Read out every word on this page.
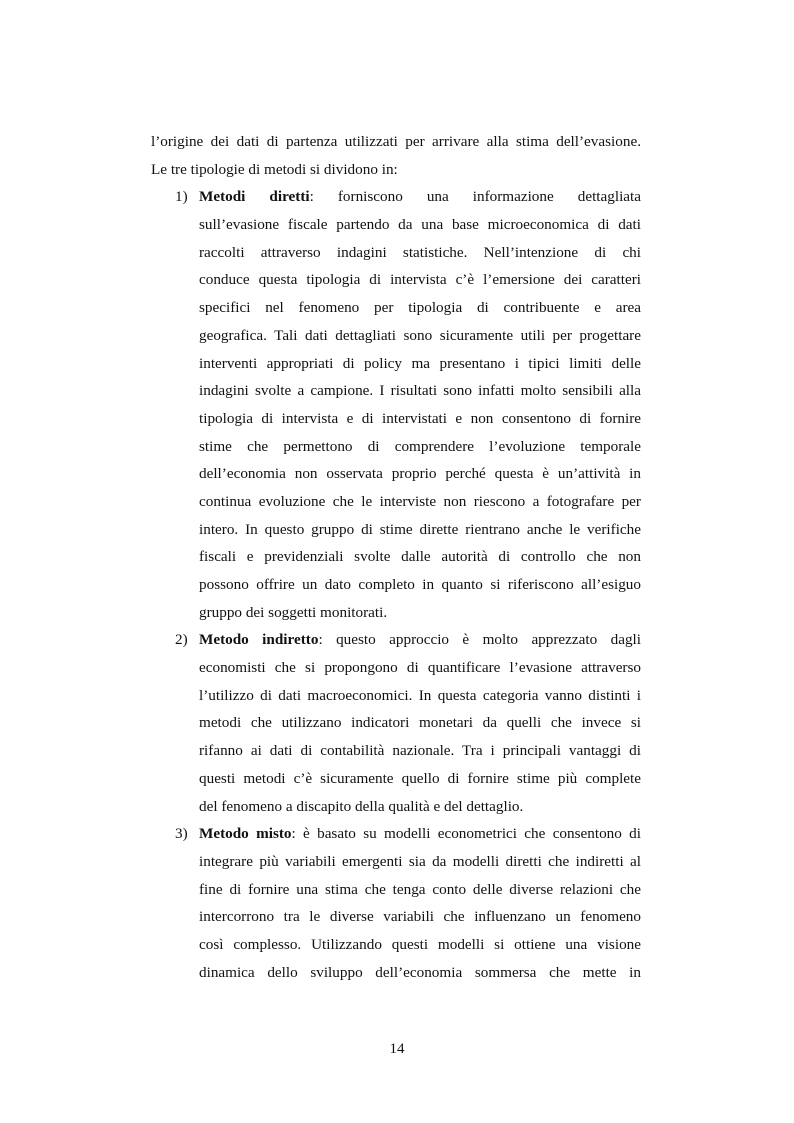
l’origine dei dati di partenza utilizzati per arrivare alla stima dell’evasione.
Le tre tipologie di metodi si dividono in:
1) Metodi diretti: forniscono una informazione dettagliata
sull’evasione fiscale partendo da una base microeconomica di dati
raccolti attraverso indagini statistiche. Nell’intenzione di chi
conduce questa tipologia di intervista c’è l’emersione dei caratteri
specifici nel fenomeno per tipologia di contribuente e area
geografica. Tali dati dettagliati sono sicuramente utili per progettare
interventi appropriati di policy ma presentano i tipici limiti delle
indagini svolte a campione. I risultati sono infatti molto sensibili alla
tipologia di intervista e di intervistati e non consentono di fornire
stime che permettono di comprendere l’evoluzione temporale
dell’economia non osservata proprio perché questa è un’attività in
continua evoluzione che le interviste non riescono a fotografare per
intero. In questo gruppo di stime dirette rientrano anche le verifiche
fiscali e previdenziali svolte dalle autorità di controllo che non
possono offrire un dato completo in quanto si riferiscono all’esiguo
gruppo dei soggetti monitorati.
2) Metodo indiretto: questo approccio è molto apprezzato dagli
economisti che si propongono di quantificare l’evasione attraverso
l’utilizzo di dati macroeconomici. In questa categoria vanno distinti i
metodi che utilizzano indicatori monetari da quelli che invece si
rifanno ai dati di contabilità nazionale. Tra i principali vantaggi di
questi metodi c’è sicuramente quello di fornire stime più complete
del fenomeno a discapito della qualità e del dettaglio.
3) Metodo misto: è basato su modelli econometrici che consentono di
integrare più variabili emergenti sia da modelli diretti che indiretti al
fine di fornire una stima che tenga conto delle diverse relazioni che
intercorrono tra le diverse variabili che influenzano un fenomeno
così complesso. Utilizzando questi modelli si ottiene una visione
dinamica dello sviluppo dell’economia sommersa che mette in
14
